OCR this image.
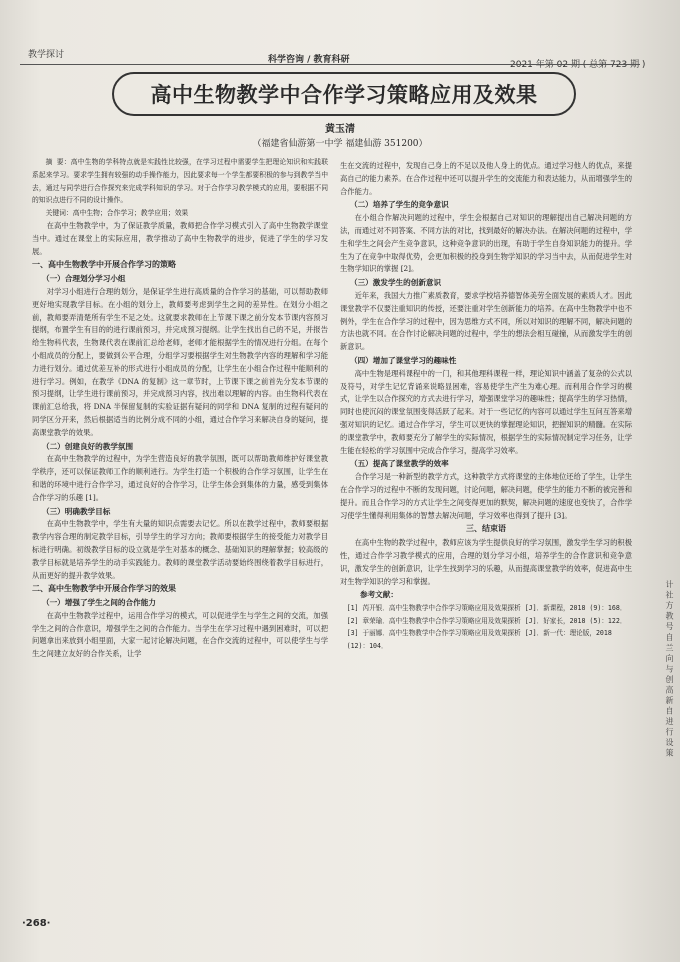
教学探讨	科学咨询 / 教育科研	2021 年第 02 期 ( 总第 723 期 )
高中生物教学中合作学习策略应用及效果
黄玉清
（福建省仙游第一中学 福建仙游 351200）

摘 要：高中生物的学科特点就是实践性比较强，在学习过程中需要学生把理论知识和实践联系起来学习。要求学生拥有较强的动手操作能力，因此要求每一个学生都要积极的参与到教学当中去，通过与同学进行合作探究来完成学科知识的学习。对于合作学习教学模式的应用，要根据不同的知识点进行不同的设计操作。

关键词：高中生物；合作学习；教学应用；效果

在高中生物教学中，为了保证教学质量，教师把合作学习模式引入了高中生物教学课堂当中。通过在课堂上的实际应用，教学推动了高中生物教学的进步，促进了学生的学习发展。

一、高中生物教学中开展合作学习的策略
（一）合理划分学习小组

对学习小组进行合理的划分，是保证学生进行高质量的合作学习的基础，可以帮助教师更好地实现教学目标。在小组的划分上，教师要考虑到学生之间的差异性。在划分小组之前，教师要弄清楚所有学生不足之处。这就要求教师在上节课下课之前分发本节课内容预习提纲，布置学生有目的的进行课前预习，并完成预习提纲。让学生找出自己的不足，并报告给生物科代表，生物课代表在课前汇总给老师，老师才能根据学生的情况进行分组。在每个小组成员的分配上，要做到公平合理，分组学习要根据学生对生物教学内容的理解和学习能力进行划分。通过优差互补的形式进行小组成员的分配，让学生在小组合作过程中能顺利的进行学习。例如，在教学《DNA 的复制》这一章节时，上节课下课之前首先分发本节课的预习提纲，让学生进行课前预习，并完成预习内容，找出难以理解的内容。由生物科代表在课前汇总给我，将 DNA 半保留复制的实验证据有疑问的同学和 DNA 复制的过程有疑问的同学区分开来，然后根据适当的比例分成不同的小组，通过合作学习来解决自身的疑问，提高课堂教学的效果。

（二）创建良好的教学氛围

在高中生物教学的过程中，为学生营造良好的教学氛围，既可以帮助教师维护好课堂教学秩序，还可以保证教师工作的顺利进行。为学生打造一个积极的合作学习氛围，让学生在和谐的环境中进行合作学习，通过良好的合作学习，让学生体会到集体的力量，感受到集体合作学习的乐趣 [1]。

（三）明确教学目标

在高中生物教学中，学生有大量的知识点需要去记忆。所以在教学过程中，教师要根据教学内容合理的制定教学目标，引导学生的学习方向；教师要根据学生的接受能力对教学目标进行明确。初级教学目标的设立就是学生对基本的概念、基础知识的理解掌握；较高级的教学目标就是培养学生的动手实践能力。教师的课堂教学活动要始终围绕着教学目标进行，从而更好的提升教学效果。

二、高中生物教学中开展合作学习的效果
（一）增强了学生之间的合作能力

在高中生物教学过程中，运用合作学习的模式，可以促进学生与学生之间的交流，加强学生之间的合作意识，增强学生之间的合作能力。当学生在学习过程中遇到困难时，可以把问题拿出来放到小组里面，大家一起讨论解决问题，在合作交流的过程中，可以使学生与学生之间建立友好的合作关系，让学

生在交流的过程中，发现自己身上的不足以及他人身上的优点。通过学习他人的优点，来提高自己的能力素养。在合作过程中还可以提升学生的交流能力和表达能力，从而增强学生的合作能力。

（二）培养了学生的竞争意识

在小组合作解决问题的过程中，学生会根据自己对知识的理解提出自己解决问题的方法，而通过对不同答案、不同方法的对比，找到最好的解决办法。在解决问题的过程中，学生和学生之间会产生竞争意识，这种竞争意识的出现，有助于学生自身知识能力的提升。学生为了在竞争中取得优势，会更加积极的投身到生物学知识的学习当中去，从而促进学生对生物学知识的掌握 [2]。

（三）激发学生的创新意识

近年来，我国大力推广素质教育，要求学校培养德智体美劳全面发展的素质人才。因此课堂教学不仅要注重知识的传授，还要注重对学生创新能力的培养。在高中生物教学中也不例外，学生在合作学习的过程中，因为思维方式不同，所以对知识的理解不同，解决问题的方法也就不同。在合作讨论解决问题的过程中，学生的想法会相互碰撞，从而激发学生的创新意识。

（四）增加了课堂学习的趣味性

高中生物是理科课程中的一门，和其他理科课程一样，理论知识中涵盖了复杂的公式以及符号，对学生记忆背诵来说略显困难，容易使学生产生为难心理。而利用合作学习的模式，让学生以合作探究的方式去进行学习，增强课堂学习的趣味性；提高学生的学习热情，同时也使沉闷的课堂氛围变得活跃了起来。对于一些记忆的内容可以通过学生互问互答来增强对知识的记忆。通过合作学习，学生可以更快的掌握理论知识，把握知识的精髓。在实际的课堂教学中，教师要充分了解学生的实际情况，根据学生的实际情况制定学习任务，让学生能在轻松的学习氛围中完成合作学习，提高学习效率。

（五）提高了课堂教学的效率

合作学习是一种新型的教学方式，这种教学方式将课堂的主体地位还给了学生，让学生在合作学习的过程中不断的发现问题，讨论问题，解决问题，使学生的能力不断的被完善和提升。而且合作学习的方式让学生之间变得更加的默契，解决问题的速度也变快了，合作学习使学生懂得利用集体的智慧去解决问题，学习效率也得到了提升 [3]。

三、结束语

在高中生物的教学过程中，教师应该为学生提供良好的学习氛围，激发学生学习的积极性，通过合作学习教学模式的应用，合理的划分学习小组，培养学生的合作意识和竞争意识，激发学生的创新意识，让学生找到学习的乐趣，从而提高课堂教学的效率，促进高中生对生物学知识的学习和掌握。

参考文献：
[1] 芮开银．高中生物教学中合作学习策略应用及效果探析 [J]．新课程，2018 (9)：168．
[2] 章荣瑜．高中生物教学中合作学习策略应用及效果探析 [J]．好家长，2018 (5)：122．
[3] 于丽娜．高中生物教学中合作学习策略应用及效果探析 [J]．新一代：理论版，2018 (12)：104．
·268·
计 社 方 教 号 自 兰 向 与 创 高 新 自 进 行 设 策
